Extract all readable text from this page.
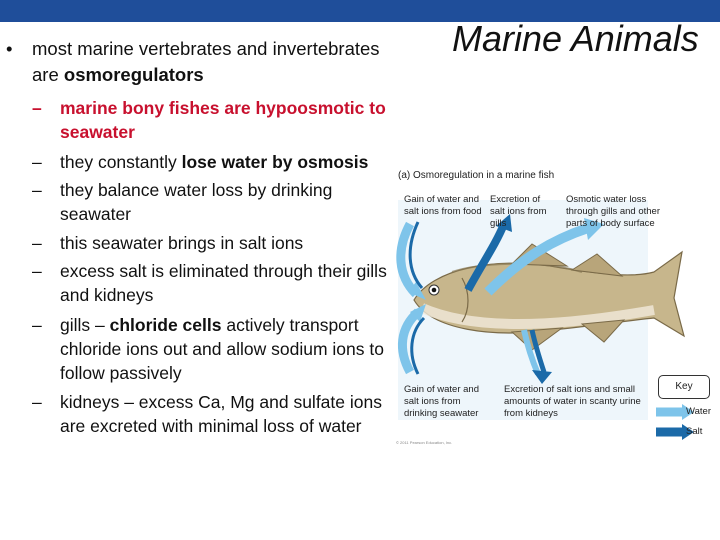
Marine Animals
• most marine vertebrates and invertebrates are osmoregulators
– marine bony fishes are hypoosmotic to seawater
– they constantly lose water by osmosis
– they balance water loss by drinking seawater
– this seawater brings in salt ions
– excess salt is eliminated through their gills and kidneys
– gills – chloride cells actively transport chloride ions out and allow sodium ions to follow passively
– kidneys – excess Ca, Mg and sulfate ions are excreted with minimal loss of water
(a) Osmoregulation in a marine fish
Gain of water and salt ions from food
Excretion of salt ions from gills
Osmotic water loss through gills and other parts of body surface
Gain of water and salt ions from drinking seawater
Excretion of salt ions and small amounts of water in scanty urine from kidneys
Key
Water
Salt
© 2011 Pearson Education, Inc.
